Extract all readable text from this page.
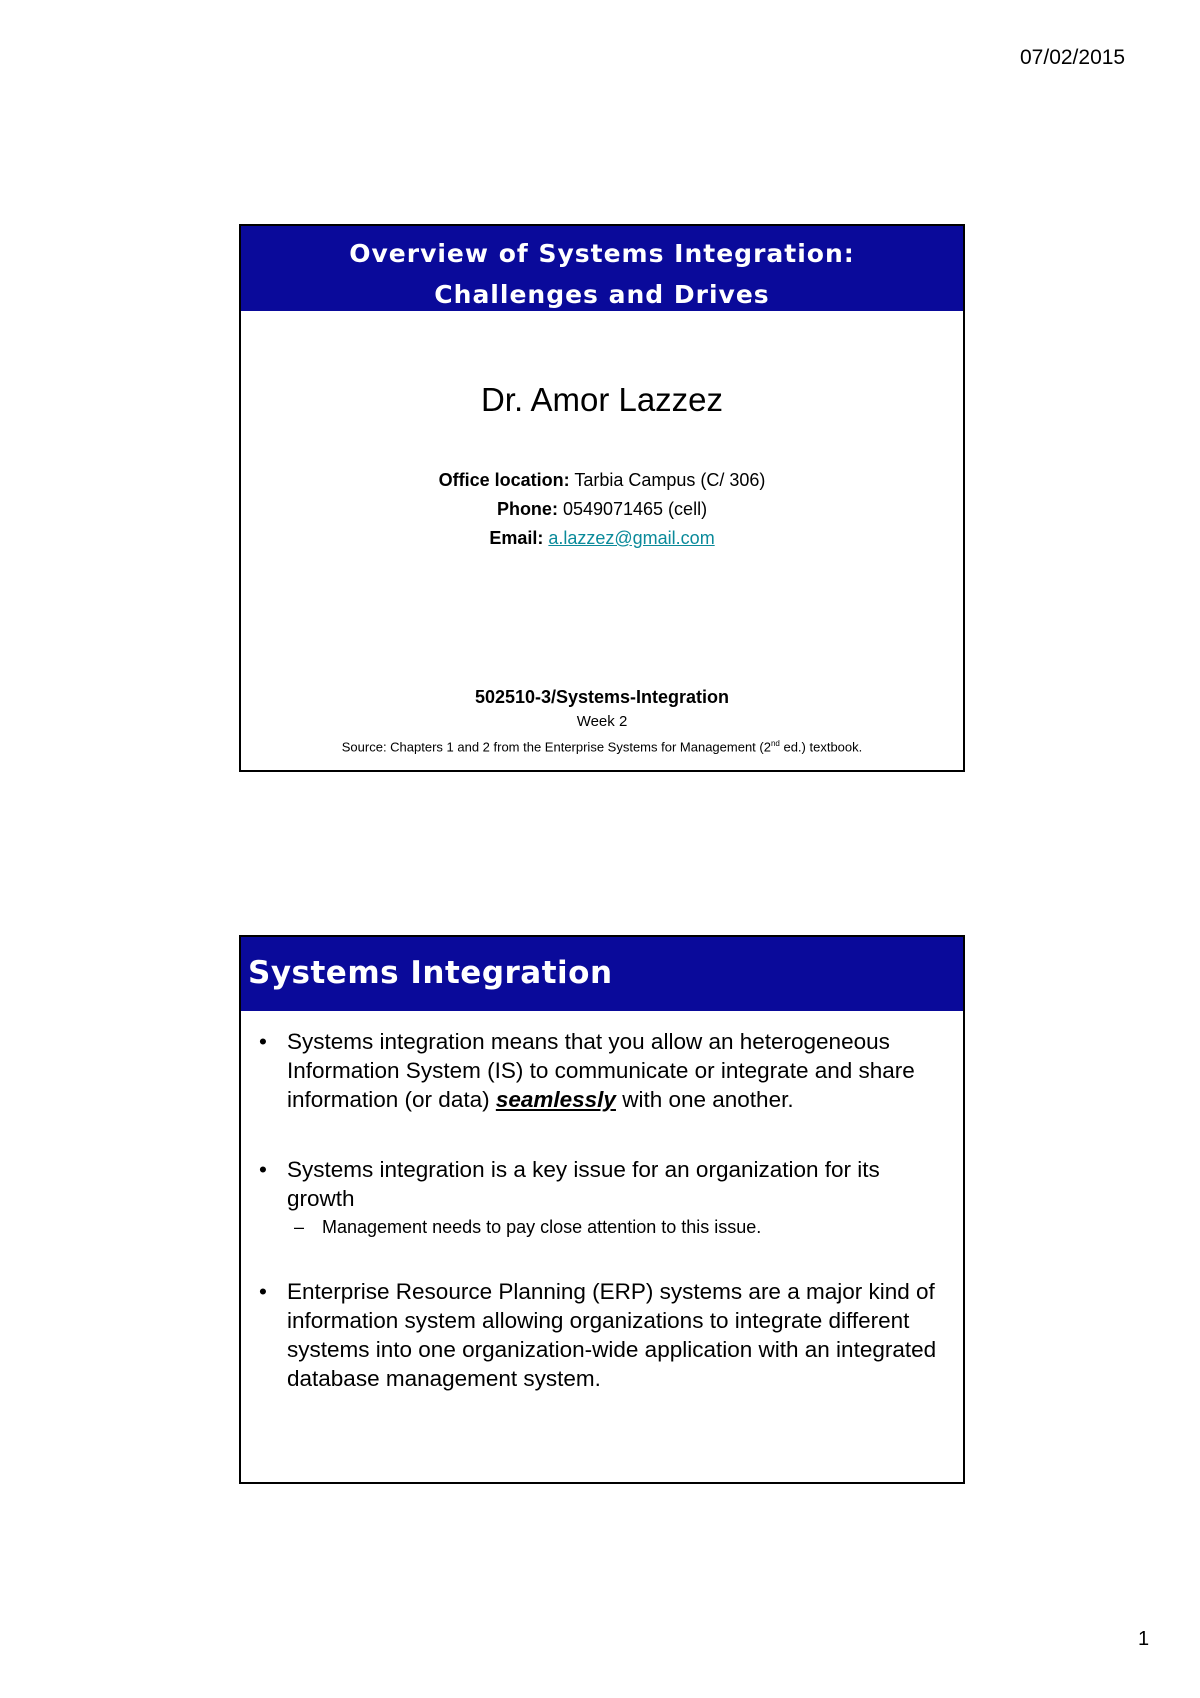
07/02/2015
Overview of Systems Integration:
Challenges and Drives
Dr. Amor Lazzez
Office location: Tarbia Campus (C/ 306)
Phone: 0549071465 (cell)
Email: a.lazzez@gmail.com
502510-3/Systems-Integration
Week 2
Source: Chapters 1 and 2 from the Enterprise Systems for Management (2nd ed.) textbook.
Systems Integration
• Systems integration means that you allow an heterogeneous Information System (IS) to communicate or integrate and share information (or data) seamlessly with one another.
• Systems integration is a key issue for an organization for its growth
– Management needs to pay close attention to this issue.
• Enterprise Resource Planning (ERP) systems are a major kind of information system allowing organizations to integrate different systems into one organization-wide application with an integrated database management system.
1
